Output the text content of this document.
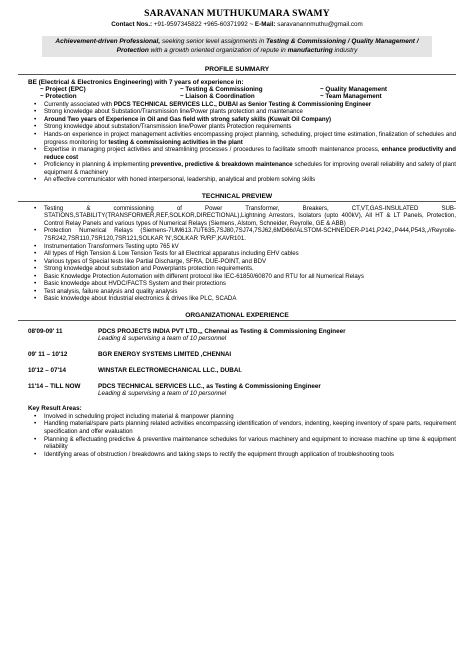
SARAVANAN MUTHUKUMARA SWAMY
Contact Nos.: +91-9597345822 +965-60371992 ~ E-Mail: saravanannmuthu@gmail.com
Achievement-driven Professional, seeking senior level assignments in Testing & Commissioning / Quality Management / Protection with a growth oriented organization of repute in manufacturing industry
PROFILE SUMMARY
BE (Electrical & Electronics Engineering) with 7 years of experience in:
~ Project (EPC)	~ Testing & Commissioning	~ Quality Management
~ Protection	~ Liaison & Coordination	~ Team Management
• Currently associated with PDCS TECHNICAL SERVICES LLC., DUBAI as Senior Testing & Commissioning Engineer
• Strong knowledge about Substation/Transmission line/Power plants protection and maintenance
• Around Two years of Experience in Oil and Gas field with strong safety skills (Kuwait Oil Company)
• Strong knowledge about substation/Transmission line/Power plants Protection requirements
• Hands-on experience in project management activities encompassing project planning, scheduling, project time estimation, finalization of schedules and progress monitoring for testing & commissioning activities in the plant
• Expertise in managing project activities and streamlining processes / procedures to facilitate smooth maintenance process, enhance productivity and reduce cost
• Proficiency in planning & implementing preventive, predictive & breakdown maintenance schedules for improving overall reliability and safety of plant equipment & machinery
• An effective communicator with honed interpersonal, leadership, analytical and problem solving skills
TECHNICAL PREVIEW
• Testing & commissioning of Power Transformer, Breakers, CT,VT,GAS-INSULATED SUB-STATIONS,STABILITY(TRANSFORMER,REF,SOLKOR,DIRECTIONAL),Lightning Arrestors, Isolators (upto 400kV), All HT & LT Panels, Protection, Control Relay Panels and various types of Numerical Relays (Siemens, Alstom, Schneider, Reyrolle, GE & ABB)
• Protection Numerical Relays (Siemens-7UM613.7UT635,7SJ80,7SJ74,7SJ62,6MD66//ALSTOM-SCHNEIDER-P141,P242,,P444,P543,,//Reyrolle-7SR242,7SR110,7SR120,7SR121,SOLKAR 'N',SOLKAR 'R/RF',KAVR101.
• Instrumentation Transformers Testing upto 765 kV
• All types of High Tension & Low Tension Tests for all Electrical apparatus including EHV cables
• Various types of Special tests like Partial Discharge, SFRA, DUE-POINT, and BDV
• Strong knowledge about substation and Powerplants protection requirements.
• Basic Knowledge Protection Automation with different protocol like IEC-61850/60870 and RTU for all Numerical Relays
• Basic knowledge about HVDC/FACTS System and their protections
• Test analysis, failure analysis and quality analysis
• Basic knowledge about Industrial electronics & drives like PLC, SCADA
ORGANIZATIONAL EXPERIENCE
08'09-09' 11	PDCS PROJECTS INDIA PVT LTD.,, Chennai as Testing & Commissioning Engineer
Leading & supervising a team of 10 personnel
09' 11 – 10'12	BGR ENERGY SYSTEMS LIMITED ,CHENNAI
10'12 – 07'14	WINSTAR ELECTROMECHANICAL LLC., DUBAI.
11'14 – TILL NOW	PDCS TECHNICAL SERVICES LLC., as Testing & Commissioning Engineer
Leading & supervising a team of 10 personnel
Key Result Areas:
• Involved in scheduling project including material & manpower planning
• Handling material/spare parts planning related activities encompassing identification of vendors, indenting, keeping inventory of spare parts, requirement specification and offer evaluation
• Planning & effectuating predictive & preventive maintenance schedules for various machinery and equipment to increase machine up time & equipment reliability
• Identifying areas of obstruction / breakdowns and taking steps to rectify the equipment through application of troubleshooting tools
